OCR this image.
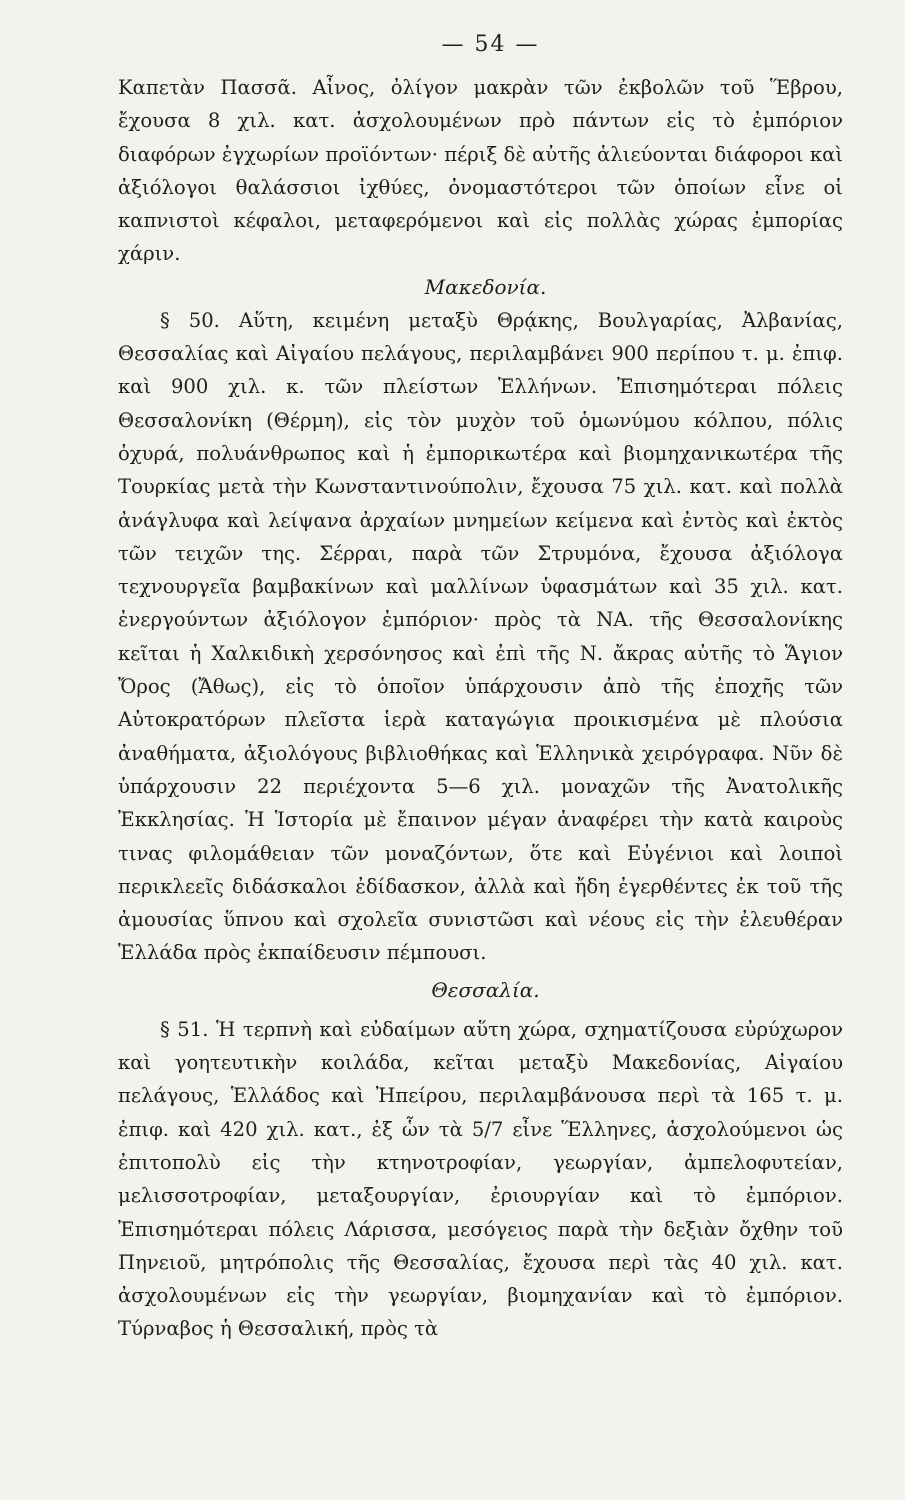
— 54 —

Καπετὰν Πασσᾶ. Αἶνος, ὀλίγον μακρὰν τῶν ἐκβολῶν τοῦ Ἕβρου, ἔχουσα 8 χιλ. κατ. ἀσχολουμένων πρὸ πάντων εἰς τὸ ἐμπόριον διαφόρων ἐγχωρίων προϊόντων· πέριξ δὲ αὐτῆς ἁλιεύονται διάφοροι καὶ ἀξιόλογοι θαλάσσιοι ἰχθύες, ὀνομαστότεροι τῶν ὁποίων εἶνε οἱ καπνιστοὶ κέφαλοι, μεταφερόμενοι καὶ εἰς πολλὰς χώρας ἐμπορίας χάριν.

Μακεδονία.

§ 50. Αὕτη, κειμένη μεταξὺ Θρᾴκης, Βουλγαρίας, Ἀλβανίας, Θεσσαλίας καὶ Αἰγαίου πελάγους, περιλαμβάνει 900 περίπου τ. μ. ἐπιφ. καὶ 900 χιλ. κ. τῶν πλείστων Ἑλλήνων. Ἐπισημότεραι πόλεις Θεσσαλονίκη (Θέρμη), εἰς τὸν μυχὸν τοῦ ὁμωνύμου κόλπου, πόλις ὀχυρά, πολυάνθρωπος καὶ ἡ ἐμπορικωτέρα καὶ βιομηχανικωτέρα τῆς Τουρκίας μετὰ τὴν Κωνσταντινούπολιν, ἔχουσα 75 χιλ. κατ. καὶ πολλὰ ἀνάγλυφα καὶ λείψανα ἀρχαίων μνημείων κείμενα καὶ ἐντὸς καὶ ἐκτὸς τῶν τειχῶν της. Σέρραι, παρὰ τῶν Στρυμόνα, ἔχουσα ἀξιόλογα τεχνουργεῖα βαμβακίνων καὶ μαλλίνων ὑφασμάτων καὶ 35 χιλ. κατ. ἐνεργούντων ἀξιόλογον ἐμπόριον· πρὸς τὰ ΝΑ. τῆς Θεσσαλονίκης κεῖται ἡ Χαλκιδικὴ χερσόνησος καὶ ἐπὶ τῆς Ν. ἄκρας αὐτῆς τὸ Ἅγιον Ὄρος (Ἄθως), εἰς τὸ ὁποῖον ὑπάρχουσιν ἀπὸ τῆς ἐποχῆς τῶν Αὐτοκρατόρων πλεῖστα ἱερὰ καταγώγια προικισμένα μὲ πλούσια ἀναθήματα, ἀξιολόγους βιβλιοθήκας καὶ Ἑλληνικὰ χειρόγραφα. Νῦν δὲ ὑπάρχουσιν 22 περιέχοντα 5—6 χιλ. μοναχῶν τῆς Ἀνατολικῆς Ἐκκλησίας. Ἡ Ἱστορία μὲ ἔπαινον μέγαν ἀναφέρει τὴν κατὰ καιροὺς τινας φιλομάθειαν τῶν μοναζόντων, ὅτε καὶ Εὐγένιοι καὶ λοιποὶ περικλεεῖς διδάσκαλοι ἐδίδασκον, ἀλλὰ καὶ ἤδη ἐγερθέντες ἐκ τοῦ τῆς ἀμουσίας ὕπνου καὶ σχολεῖα συνιστῶσι καὶ νέους εἰς τὴν ἐλευθέραν Ἑλλάδα πρὸς ἐκπαίδευσιν πέμπουσι.

Θεσσαλία.

§ 51. Ἡ τερπνὴ καὶ εὐδαίμων αὕτη χώρα, σχηματίζουσα εὐρύχωρον καὶ γοητευτικὴν κοιλάδα, κεῖται μεταξὺ Μακεδονίας, Αἰγαίου πελάγους, Ἑλλάδος καὶ Ἠπείρου, περιλαμβάνουσα περὶ τὰ 165 τ. μ. ἐπιφ. καὶ 420 χιλ. κατ., ἐξ ὧν τὰ 5/7 εἶνε Ἕλληνες, ἀσχολούμενοι ὡς ἐπιτοπολὺ εἰς τὴν κτηνοτροφίαν, γεωργίαν, ἀμπελοφυτείαν, μελισσοτροφίαν, μεταξουργίαν, ἐριουργίαν καὶ τὸ ἐμπόριον. Ἐπισημότεραι πόλεις Λάρισσα, μεσόγειος παρὰ τὴν δεξιὰν ὄχθην τοῦ Πηνειοῦ, μητρόπολις τῆς Θεσσαλίας, ἔχουσα περὶ τὰς 40 χιλ. κατ. ἀσχολουμένων εἰς τὴν γεωργίαν, βιομηχανίαν καὶ τὸ ἐμπόριον. Τύρναβος ἡ Θεσσαλική, πρὸς τὰ
